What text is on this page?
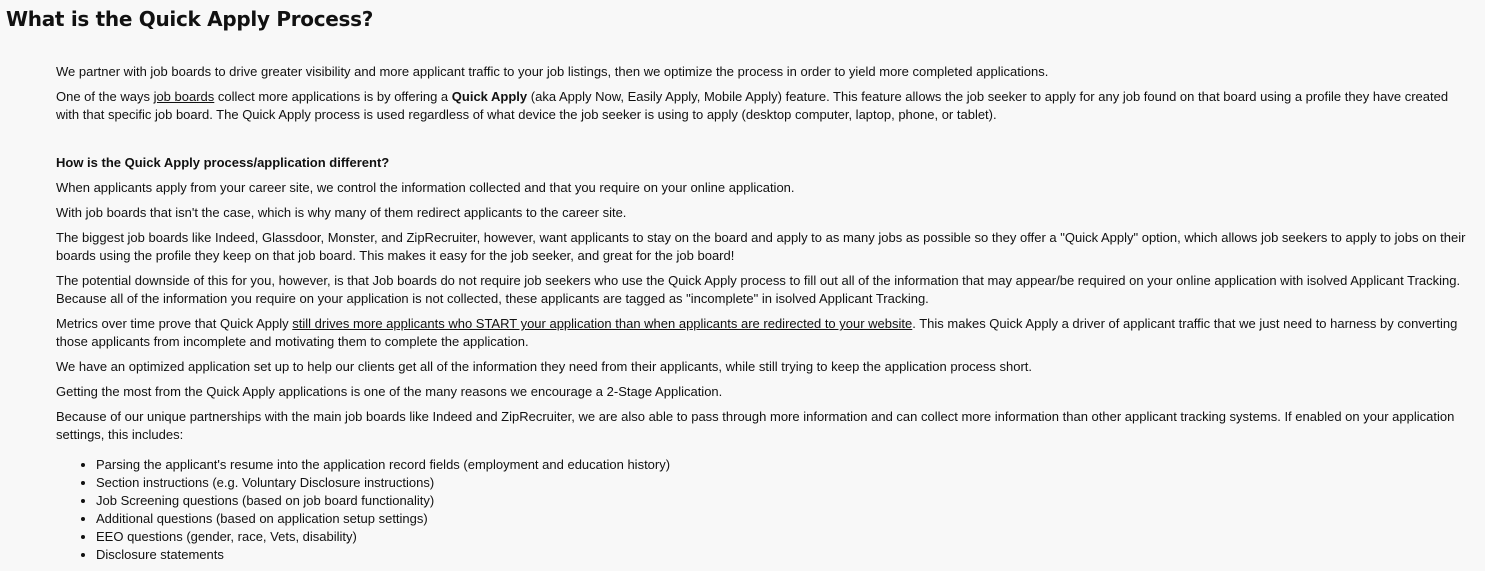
What is the Quick Apply Process?

We partner with job boards to drive greater visibility and more applicant traffic to your job listings, then we optimize the process in order to yield more completed applications.

One of the ways job boards collect more applications is by offering a Quick Apply (aka Apply Now, Easily Apply, Mobile Apply) feature. This feature allows the job seeker to apply for any job found on that board using a profile they have created with that specific job board. The Quick Apply process is used regardless of what device the job seeker is using to apply (desktop computer, laptop, phone, or tablet).

How is the Quick Apply process/application different?

When applicants apply from your career site, we control the information collected and that you require on your online application.

With job boards that isn't the case, which is why many of them redirect applicants to the career site.

The biggest job boards like Indeed, Glassdoor, Monster, and ZipRecruiter, however, want applicants to stay on the board and apply to as many jobs as possible so they offer a "Quick Apply" option, which allows job seekers to apply to jobs on their boards using the profile they keep on that job board. This makes it easy for the job seeker, and great for the job board!

The potential downside of this for you, however, is that Job boards do not require job seekers who use the Quick Apply process to fill out all of the information that may appear/be required on your online application with isolved Applicant Tracking. Because all of the information you require on your application is not collected, these applicants are tagged as "incomplete" in isolved Applicant Tracking.

Metrics over time prove that Quick Apply still drives more applicants who START your application than when applicants are redirected to your website. This makes Quick Apply a driver of applicant traffic that we just need to harness by converting those applicants from incomplete and motivating them to complete the application.

We have an optimized application set up to help our clients get all of the information they need from their applicants, while still trying to keep the application process short.

Getting the most from the Quick Apply applications is one of the many reasons we encourage a 2-Stage Application.

Because of our unique partnerships with the main job boards like Indeed and ZipRecruiter, we are also able to pass through more information and can collect more information than other applicant tracking systems. If enabled on your application settings, this includes:

• Parsing the applicant's resume into the application record fields (employment and education history)
• Section instructions (e.g. Voluntary Disclosure instructions)
• Job Screening questions (based on job board functionality)
• Additional questions (based on application setup settings)
• EEO questions (gender, race, Vets, disability)
• Disclosure statements
